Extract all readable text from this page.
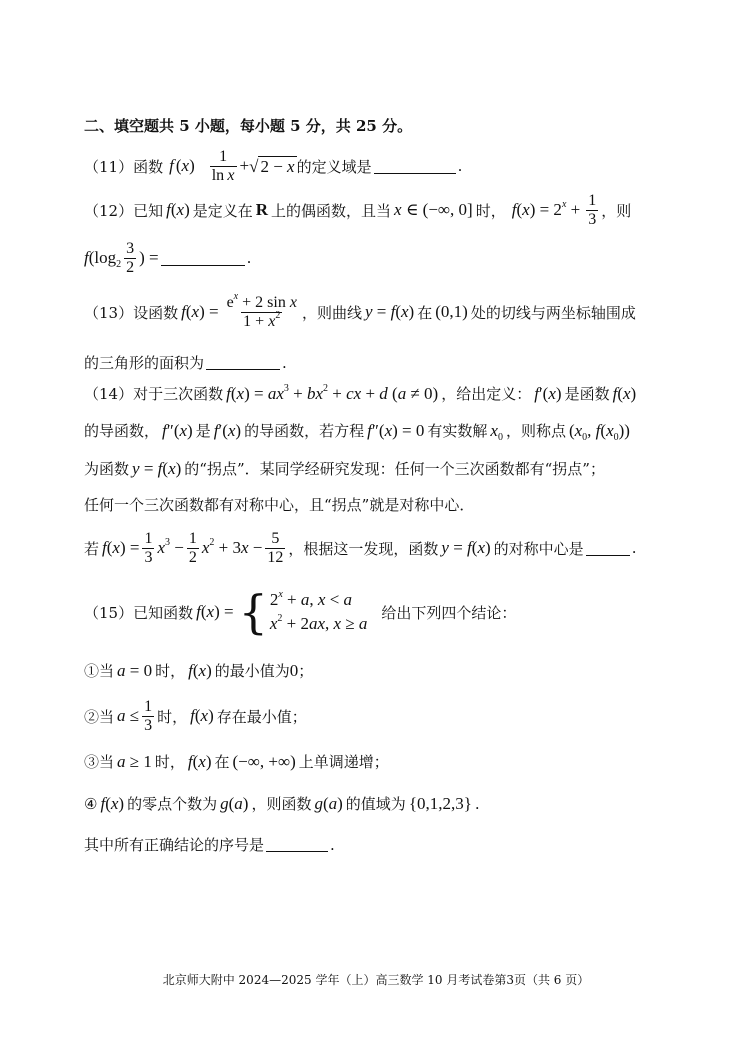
二、填空题共 5 小题，每小题 5 分，共 25 分。
（11） 函数 f $(x) \frac{1}{\text{ln x}}$ + √ 2 − x 的定义域是	.
（12） 已知 f(x) 是定义在 R 上的偶函数，且当 x ∈ (−∞, 0] 时， $f(x) = 2^x + \frac{1}{3}$ ，则
$f(\log_2 \frac{3}{2}$ ) =	.
（13） 设函数 $f(x) = \frac{e^x + 2 \sin x}{1 + x^2}$ ，则曲线 y = f(x) 在 (0,1) 处的切线与两坐标轴围成
的三角形的面积为	.
（14） 对于三次函数 $f(x) = ax^3 + bx^2$ + cx + d (a ≠ 0) ，给出定义： f′(x) 是函数 f(x)
的导函数， f″(x) 是 f′(x) 的导函数，若方程 f″(x) = 0 有实数解 $x_0$ ，则称点 ($x_0$, $f(x_0)$)
为函数 y = f(x) 的“拐点”．某同学经研究发现：任何一个三次函数都有“拐点”；
任何一个三次函数都有对称中心，且“拐点”就是对称中心．
若 $f(x) = \frac{1}{3} x^3 - \frac{1}{2} x^2 + 3x - \frac{5}{12}$ ，根据这一发现，函数 y = f(x) 的对称中心是	.
（15） 已知函数 f(x) = { $2^x + a$, x < a
$x^2 + 2ax$, x ≥ a
给出下列四个结论：
①当 a = 0 时， f(x) 的最小值为 0 ；
②当 $a \le \frac{1}{3}$ 时， f(x) 存在最小值；
③当 a ≥ 1 时， f(x) 在 (−∞, +∞) 上单调递增；
④ f(x) 的零点个数为 g(a) ，则函数 g(a) 的值域为 {0,1,2,3} .
其中所有正确结论的序号是	.
北京师大附中 2024—2025 学年（上）高三数学 10 月考试卷第3页（共 6 页）
